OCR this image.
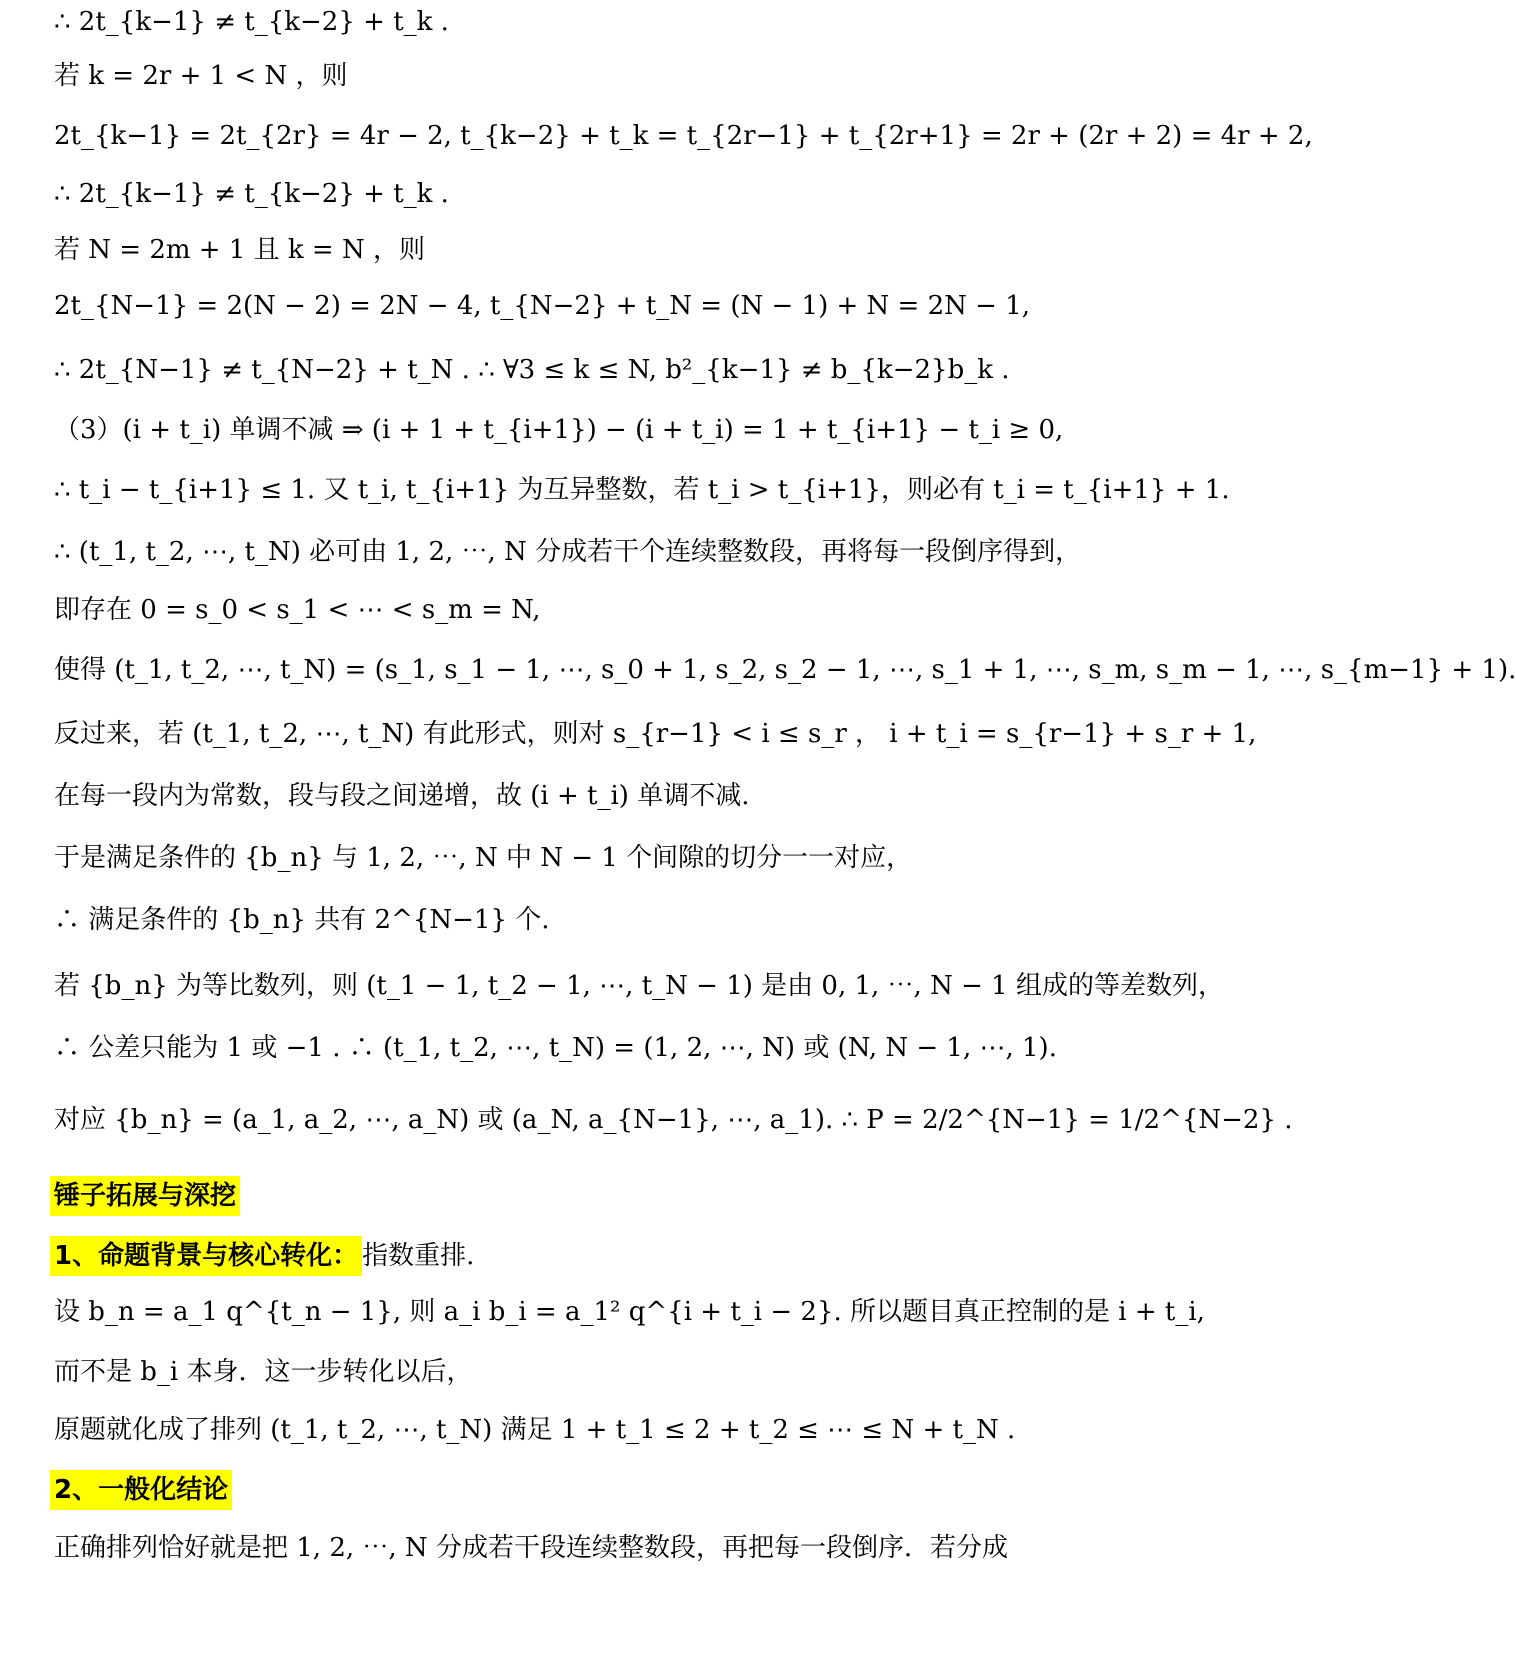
∴ 2t_{k−1} ≠ t_{k−2} + t_k .
若 k = 2r + 1 < N ，则
2t_{k−1} = 2t_{2r} = 4r − 2, t_{k−2} + t_k = t_{2r−1} + t_{2r+1} = 2r + (2r + 2) = 4r + 2,
∴ 2t_{k−1} ≠ t_{k−2} + t_k .
若 N = 2m + 1 且 k = N ，则
2t_{N−1} = 2(N − 2) = 2N − 4, t_{N−2} + t_N = (N − 1) + N = 2N − 1,
∴ 2t_{N−1} ≠ t_{N−2} + t_N . ∴ ∀3 ≤ k ≤ N, b²_{k−1} ≠ b_{k−2}b_k .
（3）(i + t_i) 单调不减 ⇒ (i + 1 + t_{i+1}) − (i + t_i) = 1 + t_{i+1} − t_i ≥ 0,
∴ t_i − t_{i+1} ≤ 1. 又 t_i, t_{i+1} 为互异整数，若 t_i > t_{i+1}，则必有 t_i = t_{i+1} + 1.
∴ (t_1, t_2, ⋯, t_N) 必可由 1, 2, ⋯, N 分成若干个连续整数段，再将每一段倒序得到，
即存在 0 = s_0 < s_1 < ⋯ < s_m = N,
使得 (t_1, t_2, ⋯, t_N) = (s_1, s_1 − 1, ⋯, s_0 + 1, s_2, s_2 − 1, ⋯, s_1 + 1, ⋯, s_m, s_m − 1, ⋯, s_{m−1} + 1).
反过来，若 (t_1, t_2, ⋯, t_N) 有此形式，则对 s_{r−1} < i ≤ s_r ， i + t_i = s_{r−1} + s_r + 1,
在每一段内为常数，段与段之间递增，故 (i + t_i) 单调不减.
于是满足条件的 {b_n} 与 1, 2, ⋯, N 中 N − 1 个间隙的切分一一对应，
∴ 满足条件的 {b_n} 共有 2^{N−1} 个.
若 {b_n} 为等比数列，则 (t_1 − 1, t_2 − 1, ⋯, t_N − 1) 是由 0, 1, ⋯, N − 1 组成的等差数列，
∴ 公差只能为 1 或 −1 . ∴ (t_1, t_2, ⋯, t_N) = (1, 2, ⋯, N) 或 (N, N − 1, ⋯, 1).
对应 {b_n} = (a_1, a_2, ⋯, a_N) 或 (a_N, a_{N−1}, ⋯, a_1). ∴ P = 2/2^{N−1} = 1/2^{N−2} .
锤子拓展与深挖
1、命题背景与核心转化： 指数重排.
设 b_n = a_1 q^{t_n − 1}, 则 a_i b_i = a_1² q^{i + t_i − 2}. 所以题目真正控制的是 i + t_i,
而不是 b_i 本身．这一步转化以后，
原题就化成了排列 (t_1, t_2, ⋯, t_N) 满足 1 + t_1 ≤ 2 + t_2 ≤ ⋯ ≤ N + t_N .
2、一般化结论
正确排列恰好就是把 1, 2, ⋯, N 分成若干段连续整数段，再把每一段倒序．若分成
